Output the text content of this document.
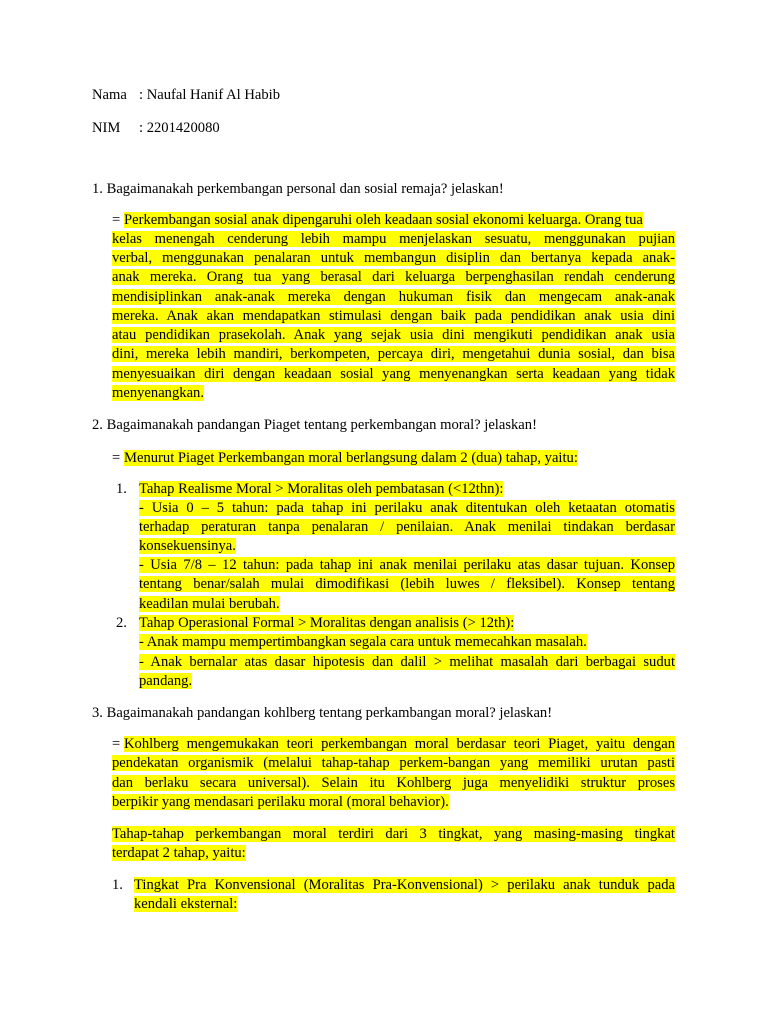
Nama : Naufal Hanif Al Habib
NIM : 2201420080
1. Bagaimanakah perkembangan personal dan sosial remaja? jelaskan!
= Perkembangan sosial anak dipengaruhi oleh keadaan sosial ekonomi keluarga. Orang tua
kelas menengah cenderung lebih mampu menjelaskan sesuatu, menggunakan pujian
verbal, menggunakan penalaran untuk membangun disiplin dan bertanya kepada anak-
anak mereka. Orang tua yang berasal dari keluarga berpenghasilan rendah cenderung
mendisiplinkan anak-anak mereka dengan hukuman fisik dan mengecam anak-anak
mereka. Anak akan mendapatkan stimulasi dengan baik pada pendidikan anak usia dini
atau pendidikan prasekolah. Anak yang sejak usia dini mengikuti pendidikan anak usia
dini, mereka lebih mandiri, berkompeten, percaya diri, mengetahui dunia sosial, dan bisa
menyesuaikan diri dengan keadaan sosial yang menyenangkan serta keadaan yang tidak
menyenangkan.
2. Bagaimanakah pandangan Piaget tentang perkembangan moral? jelaskan!
= Menurut Piaget Perkembangan moral berlangsung dalam 2 (dua) tahap, yaitu:
1. Tahap Realisme Moral > Moralitas oleh pembatasan (<12thn):
- Usia 0 – 5 tahun: pada tahap ini perilaku anak ditentukan oleh ketaatan otomatis
terhadap peraturan tanpa penalaran / penilaian. Anak menilai tindakan berdasar
konsekuensinya.
- Usia 7/8 – 12 tahun: pada tahap ini anak menilai perilaku atas dasar tujuan. Konsep
tentang benar/salah mulai dimodifikasi (lebih luwes / fleksibel). Konsep tentang
keadilan mulai berubah.
2. Tahap Operasional Formal > Moralitas dengan analisis (> 12th):
- Anak mampu mempertimbangkan segala cara untuk memecahkan masalah.
- Anak bernalar atas dasar hipotesis dan dalil > melihat masalah dari berbagai sudut
pandang.
3. Bagaimanakah pandangan kohlberg tentang perkambangan moral? jelaskan!
= Kohlberg mengemukakan teori perkembangan moral berdasar teori Piaget, yaitu dengan
pendekatan organismik (melalui tahap-tahap perkem-bangan yang memiliki urutan pasti
dan berlaku secara universal). Selain itu Kohlberg juga menyelidiki struktur proses
berpikir yang mendasari perilaku moral (moral behavior).
Tahap-tahap perkembangan moral terdiri dari 3 tingkat, yang masing-masing tingkat
terdapat 2 tahap, yaitu:
1. Tingkat Pra Konvensional (Moralitas Pra-Konvensional) > perilaku anak tunduk pada
kendali eksternal:
